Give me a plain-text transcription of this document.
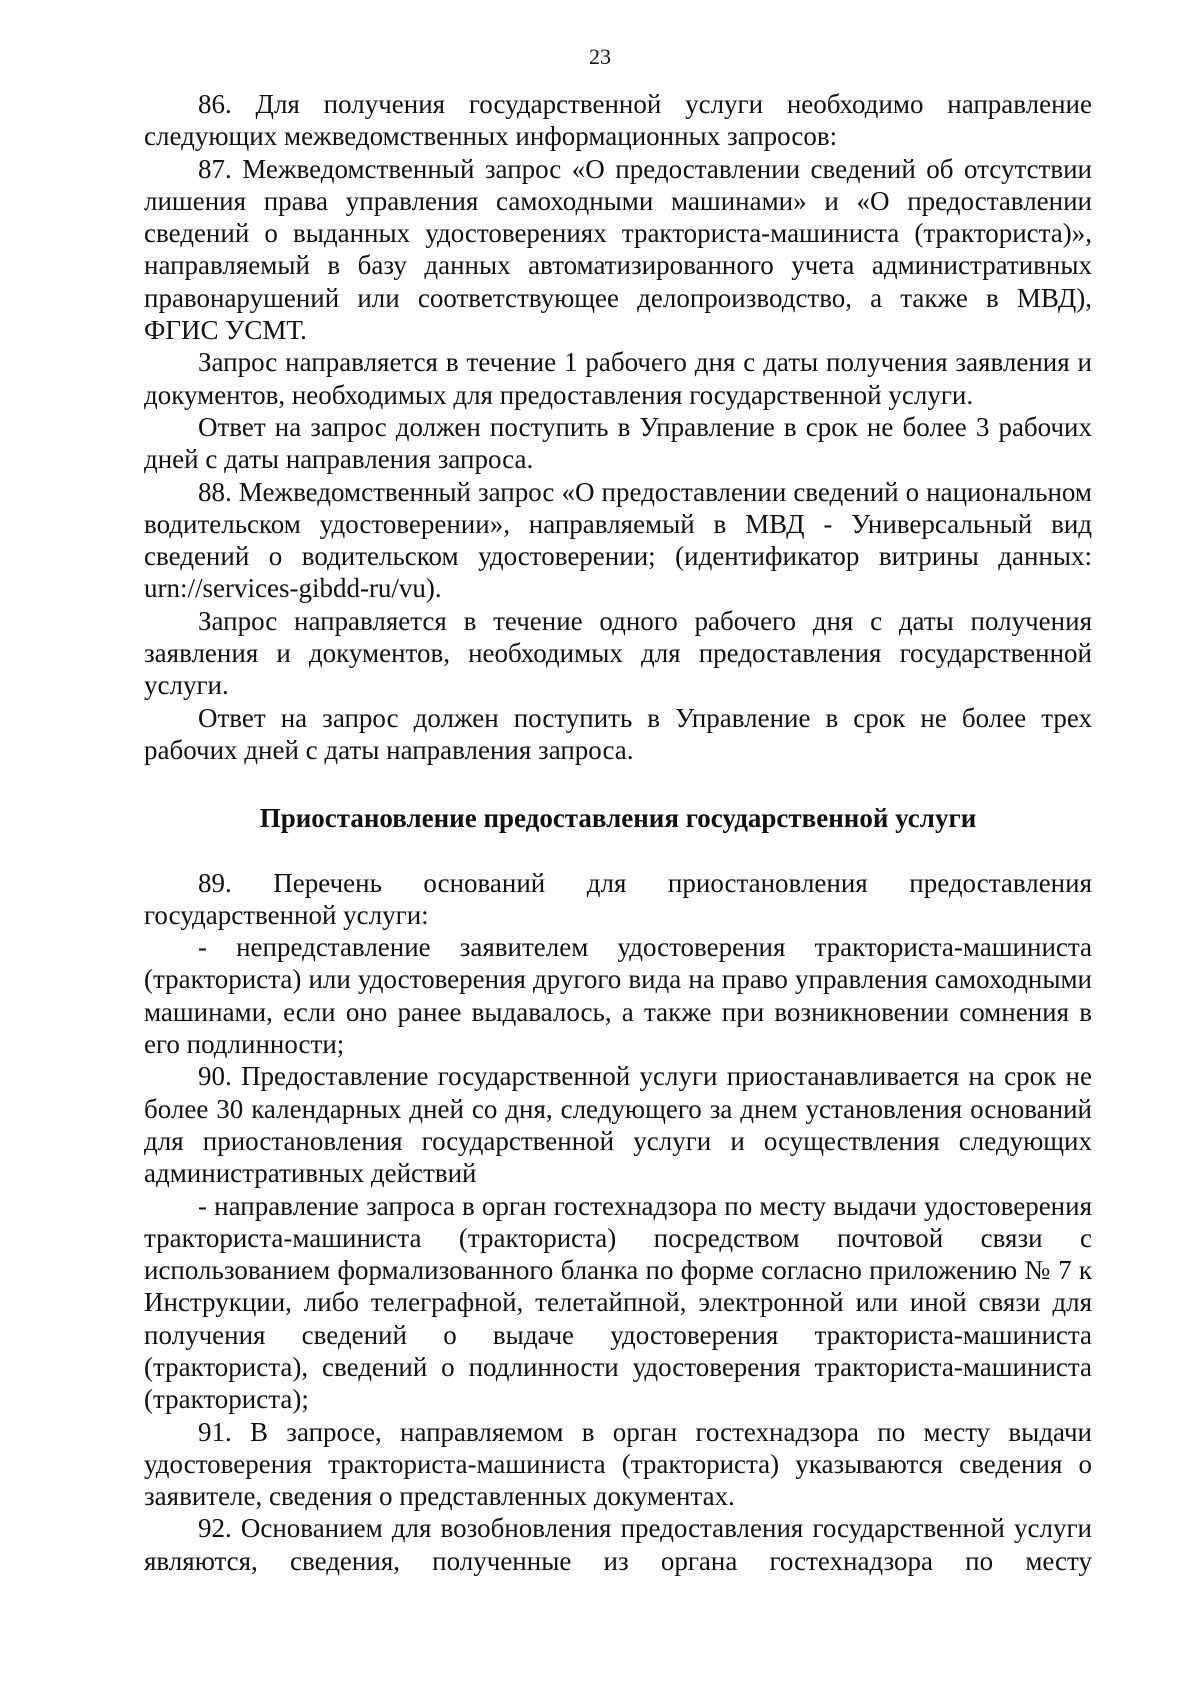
23

86. Для получения государственной услуги необходимо направление следующих межведомственных информационных запросов:

87. Межведомственный запрос «О предоставлении сведений об отсутствии лишения права управления самоходными машинами» и «О предоставлении сведений о выданных удостоверениях тракториста-машиниста (тракториста)», направляемый в базу данных автоматизированного учета административных правонарушений или соответствующее делопроизводство, а также в МВД), ФГИС УСМТ.

Запрос направляется в течение 1 рабочего дня с даты получения заявления и документов, необходимых для предоставления государственной услуги.

Ответ на запрос должен поступить в Управление в срок не более 3 рабочих дней с даты направления запроса.

88. Межведомственный запрос «О предоставлении сведений о национальном водительском удостоверении», направляемый в МВД - Универсальный вид сведений о водительском удостоверении; (идентификатор витрины данных: urn://services-gibdd-ru/vu).

Запрос направляется в течение одного рабочего дня с даты получения заявления и документов, необходимых для предоставления государственной услуги.

Ответ на запрос должен поступить в Управление в срок не более трех рабочих дней с даты направления запроса.

Приостановление предоставления государственной услуги

89. Перечень оснований для приостановления предоставления государственной услуги:

- непредставление заявителем удостоверения тракториста-машиниста (тракториста) или удостоверения другого вида на право управления самоходными машинами, если оно ранее выдавалось, а также при возникновении сомнения в его подлинности;

90. Предоставление государственной услуги приостанавливается на срок не более 30 календарных дней со дня, следующего за днем установления оснований для приостановления государственной услуги и осуществления следующих административных действий

- направление запроса в орган гостехнадзора по месту выдачи удостоверения тракториста-машиниста (тракториста) посредством почтовой связи с использованием формализованного бланка по форме согласно приложению № 7 к Инструкции, либо телеграфной, телетайпной, электронной или иной связи для получения сведений о выдаче удостоверения тракториста-машиниста (тракториста), сведений о подлинности удостоверения тракториста-машиниста (тракториста);

91. В запросе, направляемом в орган гостехнадзора по месту выдачи удостоверения тракториста-машиниста (тракториста) указываются сведения о заявителе, сведения о представленных документах.

92. Основанием для возобновления предоставления государственной услуги являются, сведения, полученные из органа гостехнадзора по месту
